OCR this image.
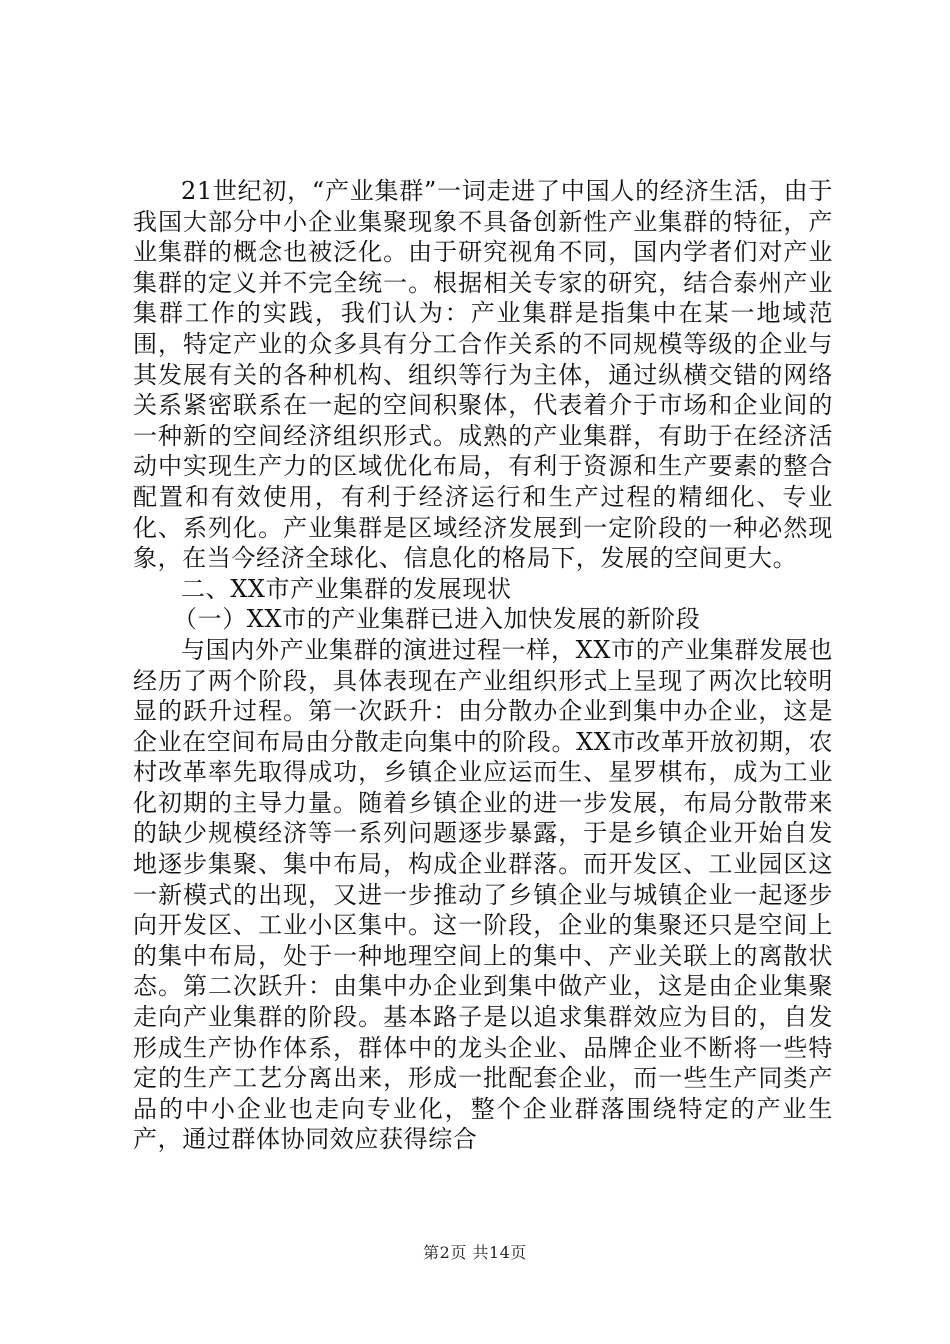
21世纪初，“产业集群”一词走进了中国人的经济生活，由于我国大部分中小企业集聚现象不具备创新性产业集群的特征，产业集群的概念也被泛化。由于研究视角不同，国内学者们对产业集群的定义并不完全统一。根据相关专家的研究，结合泰州产业集群工作的实践，我们认为：产业集群是指集中在某一地域范围，特定产业的众多具有分工合作关系的不同规模等级的企业与其发展有关的各种机构、组织等行为主体，通过纵横交错的网络关系紧密联系在一起的空间积聚体，代表着介于市场和企业间的一种新的空间经济组织形式。成熟的产业集群，有助于在经济活动中实现生产力的区域优化布局，有利于资源和生产要素的整合配置和有效使用，有利于经济运行和生产过程的精细化、专业化、系列化。产业集群是区域经济发展到一定阶段的一种必然现象，在当今经济全球化、信息化的格局下，发展的空间更大。

二、XX市产业集群的发展现状

（一）XX市的产业集群已进入加快发展的新阶段

与国内外产业集群的演进过程一样，XX市的产业集群发展也经历了两个阶段，具体表现在产业组织形式上呈现了两次比较明显的跃升过程。第一次跃升：由分散办企业到集中办企业，这是企业在空间布局由分散走向集中的阶段。XX市改革开放初期，农村改革率先取得成功，乡镇企业应运而生、星罗棋布，成为工业化初期的主导力量。随着乡镇企业的进一步发展，布局分散带来的缺少规模经济等一系列问题逐步暴露，于是乡镇企业开始自发地逐步集聚、集中布局，构成企业群落。而开发区、工业园区这一新模式的出现，又进一步推动了乡镇企业与城镇企业一起逐步向开发区、工业小区集中。这一阶段，企业的集聚还只是空间上的集中布局，处于一种地理空间上的集中、产业关联上的离散状态。第二次跃升：由集中办企业到集中做产业，这是由企业集聚走向产业集群的阶段。基本路子是以追求集群效应为目的，自发形成生产协作体系，群体中的龙头企业、品牌企业不断将一些特定的生产工艺分离出来，形成一批配套企业，而一些生产同类产品的中小企业也走向专业化，整个企业群落围绕特定的产业生产，通过群体协同效应获得综合

第2页 共14页
